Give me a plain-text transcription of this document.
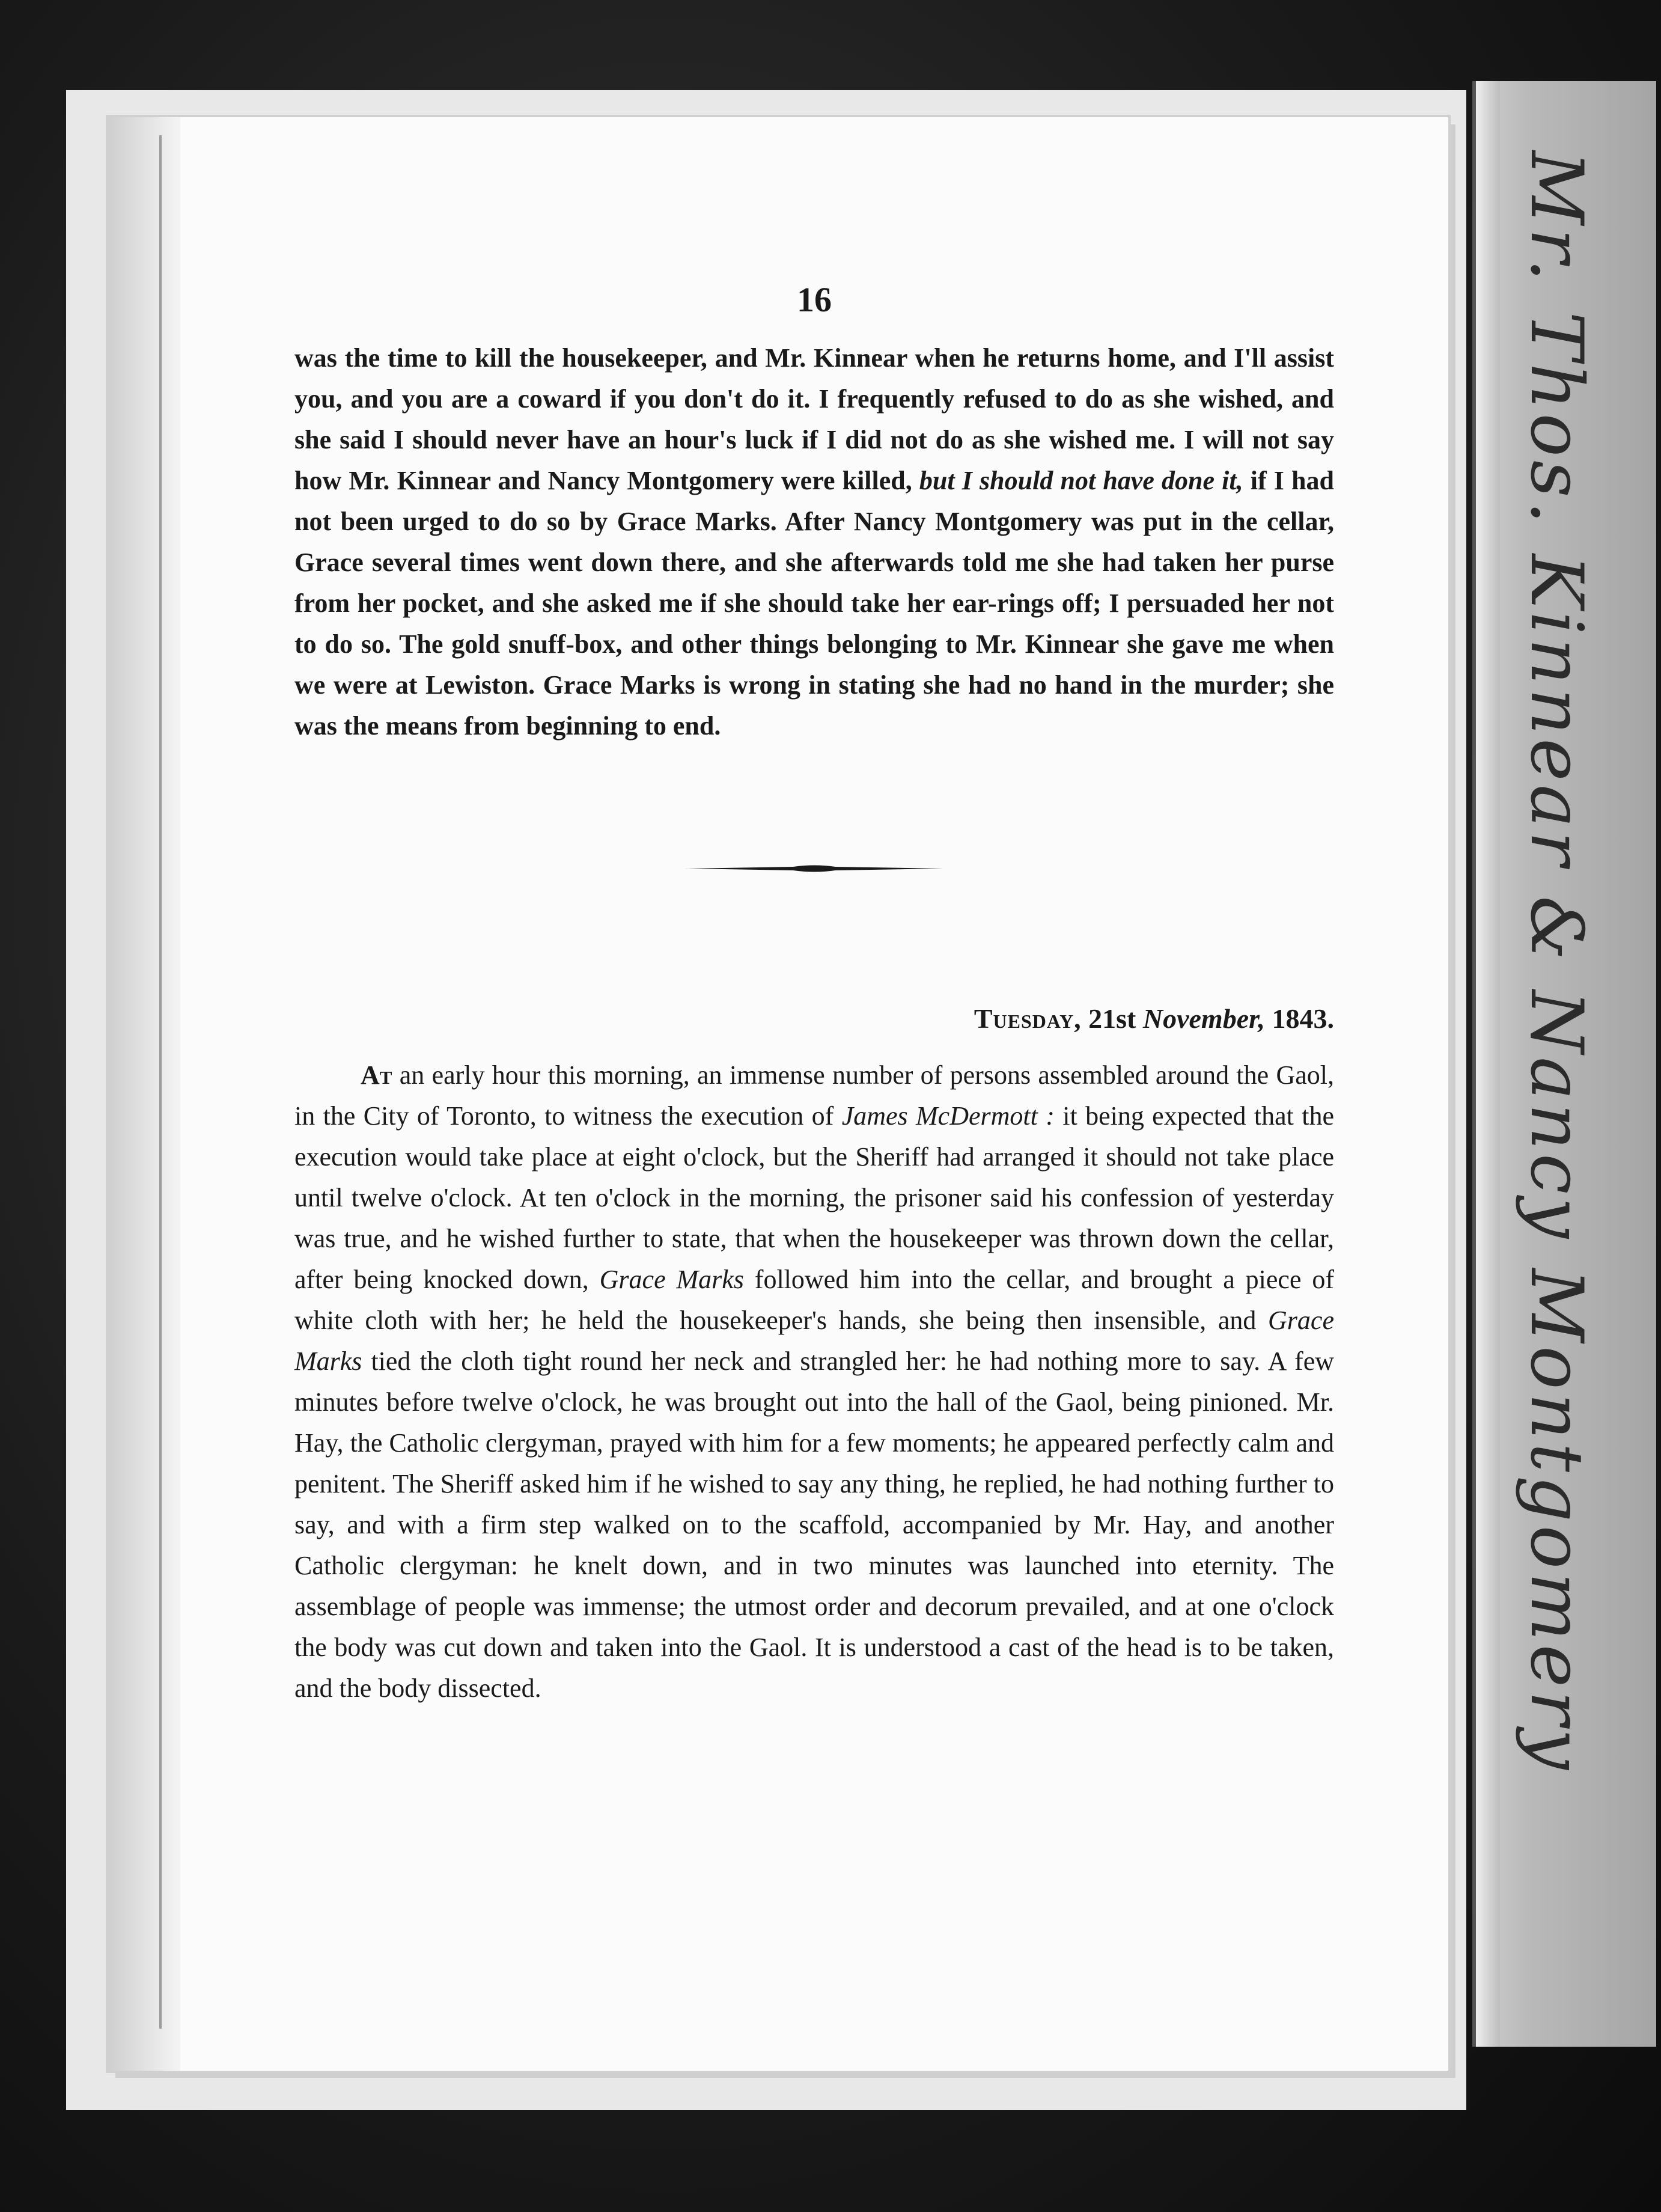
Mr. Thos. Kinnear & Nancy Montgomery
16

was the time to kill the housekeeper, and Mr. Kinnear when he returns home, and I'll assist you, and you are a coward if you don't do it. I frequently refused to do as she wished, and she said I should never have an hour's luck if I did not do as she wished me. I will not say how Mr. Kinnear and Nancy Montgomery were killed, but I should not have done it, if I had not been urged to do so by Grace Marks. After Nancy Montgomery was put in the cellar, Grace several times went down there, and she afterwards told me she had taken her purse from her pocket, and she asked me if she should take her ear-rings off; I persuaded her not to do so. The gold snuff-box, and other things belonging to Mr. Kinnear she gave me when we were at Lewiston. Grace Marks is wrong in stating she had no hand in the murder; she was the means from beginning to end.

Tuesday, 21st November, 1843.

At an early hour this morning, an immense number of persons assembled around the Gaol, in the City of Toronto, to witness the execution of James McDermott : it being expected that the execution would take place at eight o'clock, but the Sheriff had arranged it should not take place until twelve o'clock. At ten o'clock in the morning, the prisoner said his confession of yesterday was true, and he wished further to state, that when the housekeeper was thrown down the cellar, after being knocked down, Grace Marks followed him into the cellar, and brought a piece of white cloth with her; he held the housekeeper's hands, she being then insensible, and Grace Marks tied the cloth tight round her neck and strangled her: he had nothing more to say. A few minutes before twelve o'clock, he was brought out into the hall of the Gaol, being pinioned. Mr. Hay, the Catholic clergyman, prayed with him for a few moments; he appeared perfectly calm and penitent. The Sheriff asked him if he wished to say any thing, he replied, he had nothing further to say, and with a firm step walked on to the scaffold, accompanied by Mr. Hay, and another Catholic clergyman: he knelt down, and in two minutes was launched into eternity. The assemblage of people was immense; the utmost order and decorum prevailed, and at one o'clock the body was cut down and taken into the Gaol. It is understood a cast of the head is to be taken, and the body dissected.
